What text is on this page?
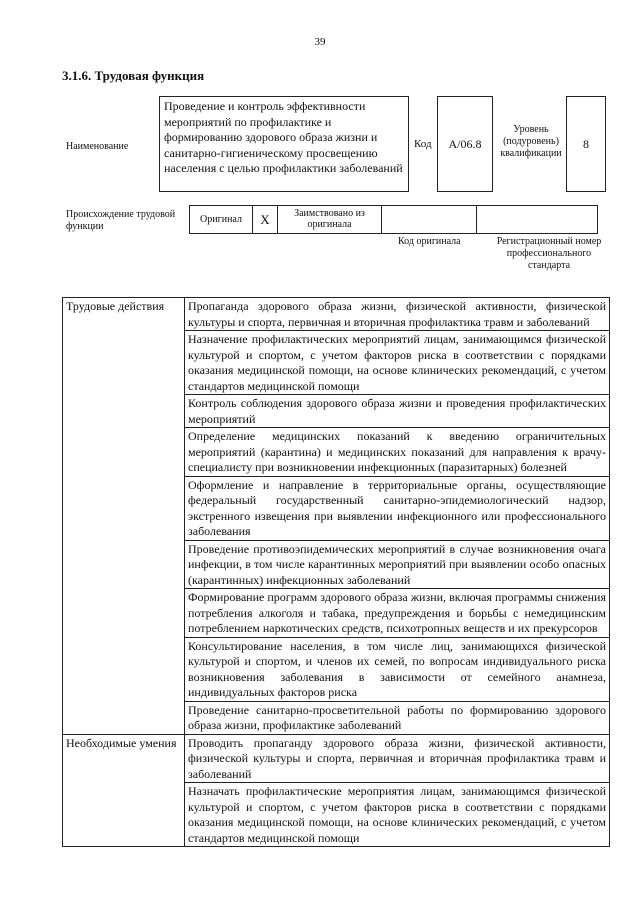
39
3.1.6. Трудовая функция
Наименование
Проведение и контроль эффективности мероприятий по профилактике и формированию здорового образа жизни и санитарно-гигиеническому просвещению населения с целью профилактики заболеваний
Код	A/06.8
Уровень (подуровень) квалификации
8
Происхождение трудовой функции
Оригинал	X	Заимствовано из оригинала
Код оригинала	Регистрационный номер профессионального стандарта
Трудовые действия	Пропаганда здорового образа жизни, физической активности, физической культуры и спорта, первичная и вторичная профилактика травм и заболеваний
	Назначение профилактических мероприятий лицам, занимающимся физической культурой и спортом, с учетом факторов риска в соответствии с порядками оказания медицинской помощи, на основе клинических рекомендаций, с учетом стандартов медицинской помощи
	Контроль соблюдения здорового образа жизни и проведения профилактических мероприятий
	Определение медицинских показаний к введению ограничительных мероприятий (карантина) и медицинских показаний для направления к врачу-специалисту при возникновении инфекционных (паразитарных) болезней
	Оформление и направление в территориальные органы, осуществляющие федеральный государственный санитарно-эпидемиологический надзор, экстренного извещения при выявлении инфекционного или профессионального заболевания
	Проведение противоэпидемических мероприятий в случае возникновения очага инфекции, в том числе карантинных мероприятий при выявлении особо опасных (карантинных) инфекционных заболеваний
	Формирование программ здорового образа жизни, включая программы снижения потребления алкоголя и табака, предупреждения и борьбы с немедицинским потреблением наркотических средств, психотропных веществ и их прекурсоров
	Консультирование населения, в том числе лиц, занимающихся физической культурой и спортом, и членов их семей, по вопросам индивидуального риска возникновения заболевания в зависимости от семейного анамнеза, индивидуальных факторов риска
	Проведение санитарно-просветительной работы по формированию здорового образа жизни, профилактике заболеваний
Необходимые умения	Проводить пропаганду здорового образа жизни, физической активности, физической культуры и спорта, первичная и вторичная профилактика травм и заболеваний
	Назначать профилактические мероприятия лицам, занимающимся физической культурой и спортом, с учетом факторов риска в соответствии с порядками оказания медицинской помощи, на основе клинических рекомендаций, с учетом стандартов медицинской помощи
